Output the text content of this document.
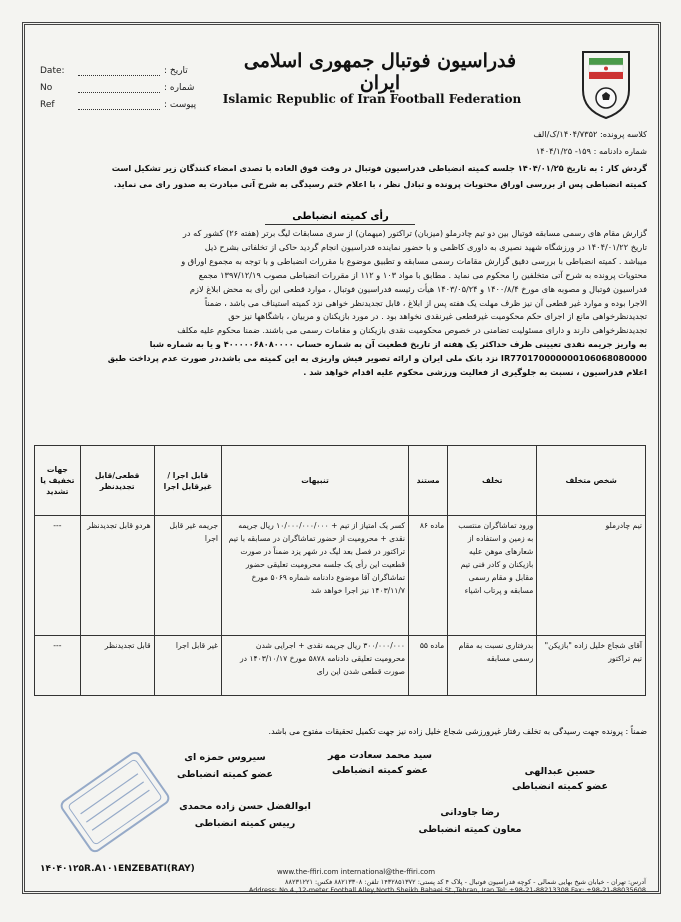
Date:	تاریخ :
No	شماره :
Ref	پیوست :
فدراسیون فوتبال جمهوری اسلامی ایران
Islamic Republic of Iran Football Federation
کلاسه پرونده: ۱۴۰۴/۷۳۵۲/ک/الف
شماره دادنامه : ۱۵۹- ۱۴۰۴/۱/۲۵
گردش کار : به تاریخ ۱۴۰۴/۰۱/۲۵ جلسه کمیته انضباطی فدراسیون فوتبال در وقت فوق العاده با تصدی امضاء کنندگان زیر تشکیل است
کمیته انضباطی پس از بررسی اوراق محتویات پرونده و تبادل نظر ، با اعلام ختم رسیدگی به شرح آتی مبادرت به صدور رای می نماید.
رأی کمیته انضباطی
گزارش مقام های رسمی مسابقه فوتبال بین دو تیم چادرملو (میزبان) تراکتور (میهمان) از سری مسابقات لیگ برتر (هفته ۲۶) کشور که در
تاریخ ۱۴۰۴/۰۱/۲۲ در ورزشگاه شهید نصیری به داوری کاظمی و با حضور نماینده فدراسیون انجام گردید حاکی از تخلفاتی بشرح ذیل
میباشد . کمیته انضباطی با بررسی دقیق گزارش مقامات رسمی مسابقه و تطبیق موضوع با مقررات انضباطی و با توجه به مجموع اوراق و
محتویات پرونده به شرح آتی متخلفین را محکوم می نماید . مطابق با مواد ۱۰۳ و ۱۱۲ از مقررات انضباطی مصوب ۱۳۹۷/۱۲/۱۹ مجمع
فدراسیون فوتبال و مصوبه های مورخ ۱۴۰۰/۸/۴ و ۱۴۰۳/۰۵/۲۴ هیأت رئیسه فدراسیون فوتبال ، موارد قطعی این رأی به محض ابلاغ لازم
الاجرا بوده و موارد غیر قطعی آن نیز ظرف مهلت یک هفته پس از ابلاغ ، قابل تجدیدنظر خواهی نزد کمیته استیناف می باشد ، ضمناً
تجدیدنظرخواهی مانع از اجرای حکم محکومیت غیرقطعی غیرنقدی نخواهد بود . در مورد بازیکنان و مربیان ، باشگاهها نیز حق
تجدیدنظرخواهی دارند و دارای مسئولیت تضامنی در خصوص محکومیت نقدی بازیکنان و مقامات رسمی می باشند. ضمنا محکوم علیه مکلف
به واریز جریمه نقدی تعیینی ظرف حداکثر یک هفته از تاریخ قطعیت آن به شماره حساب ۴۰۰۰۰۰۶۸۰۸۰۰۰۰ و یا به شماره شبا
IR770170000000106068080000 نزد بانک ملی ایران و ارائه تصویر فیش واریزی به این کمیته می باشد،در صورت عدم پرداخت طبق
اعلام فدراسیون ، نسبت به جلوگیری از فعالیت ورزشی محکوم علیه اقدام خواهد شد .
شخص متخلف	تخلف	مستند	تنبیهات	قابل اجرا /غیرقابل اجرا	قطعی/قابل تجدیدنظر	جهات تخفیف یا تشدید
تیم چادرملو	ورود تماشاگران منتسب به زمین و استفاده از شعارهای موهن علیه بازیکنان و کادر فنی تیم مقابل و مقام رسمی مسابقه و پرتاب اشیاء	ماده ۸۶	کسر یک امتیاز از تیم + ۱۰/۰۰۰/۰۰۰/۰۰۰ ریال جریمه نقدی + محرومیت از حضور تماشاگران در مسابقه با تیم تراکتور در فصل بعد لیگ در شهر یزد ضمناً در صورت قطعیت این رأی یک جلسه محرومیت تعلیقی حضور تماشاگران آقا موضوع دادنامه شماره ۵۰۶۹ مورخ ۱۴۰۳/۱۱/۷ نیز اجرا خواهد شد	جریمه غیر قابل اجرا	هردو قابل تجدیدنظر	---
آقای شجاع خلیل زاده "بازیکن" تیم تراکتور	بدرفتاری نسبت به مقام رسمی مسابقه	ماده ۵۵	۳۰۰/۰۰۰/۰۰۰ ریال جریمه نقدی + اجرایی شدن محرومیت تعلیقی دادنامه ۵۸۷۸ مورخ ۱۴۰۳/۱۰/۱۷ در صورت قطعی شدن این رای	غیر قابل اجرا	قابل تجدیدنظر	---
ضمناً : پرونده جهت رسیدگی به تخلف رفتار غیرورزشی شجاع خلیل زاده نیز جهت تکمیل تحقیقات مفتوح می باشد.
حسین عبدالهی
عضو کمیته انضباطی
سید محمد سعادت مهر
عضو کمیته انضباطی
سیروس حمزه ای
عضو کمیته انضباطی
رضا جاودانی
معاون کمیته انضباطی
ابوالفضل حسن زاده محمدی
رییس کمیته انضباطی
١۴٠۴٠١٢۵R.A١٠١ENZEBATI(RAY)	www.the-ffiri.com international@the-ffiri.com
آدرس: تهران - خیابان شیخ بهایی شمالی - کوچه فدراسیون فوتبال - پلاک ۴ کد پستی: ۱۴۳۲۸۵۱۳۷۲ تلفن: ۸۸۲۱۳۳۰۸ فکس: ۸۸۲۳۱۲۲۱
Address: No.4 ,12-meter Football Alley,North Sheikh Bahaei St.,Tehran, Iran Tel: +98-21-88213308 Fax: +98-21-88035608
